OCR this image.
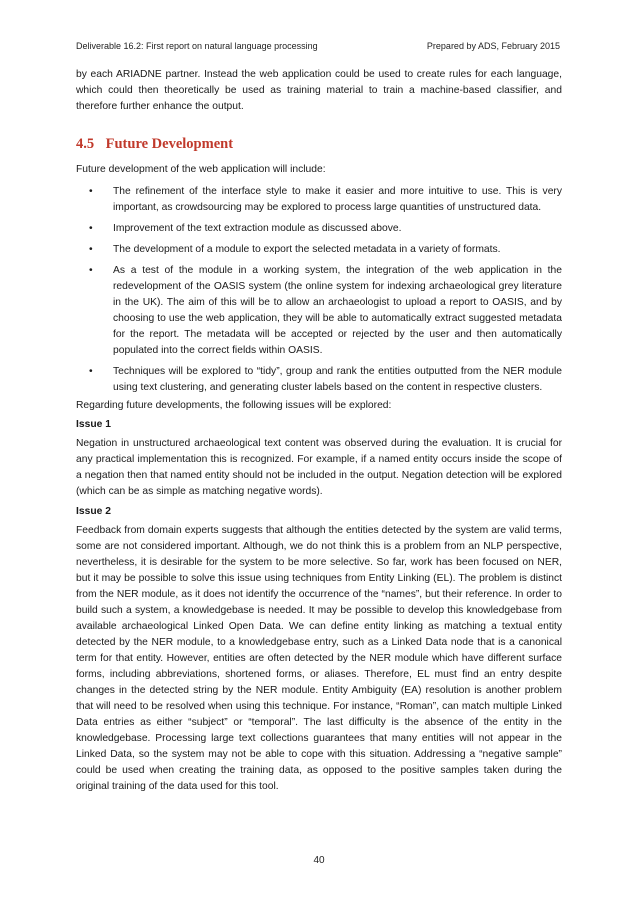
Deliverable 16.2: First report on natural language processing	Prepared by ADS, February 2015

by each ARIADNE partner. Instead the web application could be used to create rules for each language, which could then theoretically be used as training material to train a machine-based classifier, and therefore further enhance the output.

4.5 Future Development

Future development of the web application will include:

• The refinement of the interface style to make it easier and more intuitive to use. This is very important, as crowdsourcing may be explored to process large quantities of unstructured data.

• Improvement of the text extraction module as discussed above.

• The development of a module to export the selected metadata in a variety of formats.

• As a test of the module in a working system, the integration of the web application in the redevelopment of the OASIS system (the online system for indexing archaeological grey literature in the UK). The aim of this will be to allow an archaeologist to upload a report to OASIS, and by choosing to use the web application, they will be able to automatically extract suggested metadata for the report. The metadata will be accepted or rejected by the user and then automatically populated into the correct fields within OASIS.

• Techniques will be explored to “tidy”, group and rank the entities outputted from the NER module using text clustering, and generating cluster labels based on the content in respective clusters.

Regarding future developments, the following issues will be explored:

Issue 1

Negation in unstructured archaeological text content was observed during the evaluation. It is crucial for any practical implementation this is recognized. For example, if a named entity occurs inside the scope of a negation then that named entity should not be included in the output. Negation detection will be explored (which can be as simple as matching negative words).

Issue 2

Feedback from domain experts suggests that although the entities detected by the system are valid terms, some are not considered important. Although, we do not think this is a problem from an NLP perspective, nevertheless, it is desirable for the system to be more selective. So far, work has been focused on NER, but it may be possible to solve this issue using techniques from Entity Linking (EL). The problem is distinct from the NER module, as it does not identify the occurrence of the “names”, but their reference. In order to build such a system, a knowledgebase is needed. It may be possible to develop this knowledgebase from available archaeological Linked Open Data. We can define entity linking as matching a textual entity detected by the NER module, to a knowledgebase entry, such as a Linked Data node that is a canonical term for that entity. However, entities are often detected by the NER module which have different surface forms, including abbreviations, shortened forms, or aliases. Therefore, EL must find an entry despite changes in the detected string by the NER module. Entity Ambiguity (EA) resolution is another problem that will need to be resolved when using this technique. For instance, “Roman”, can match multiple Linked Data entries as either “subject” or “temporal”. The last difficulty is the absence of the entity in the knowledgebase. Processing large text collections guarantees that many entities will not appear in the Linked Data, so the system may not be able to cope with this situation. Addressing a “negative sample” could be used when creating the training data, as opposed to the positive samples taken during the original training of the data used for this tool.

40
